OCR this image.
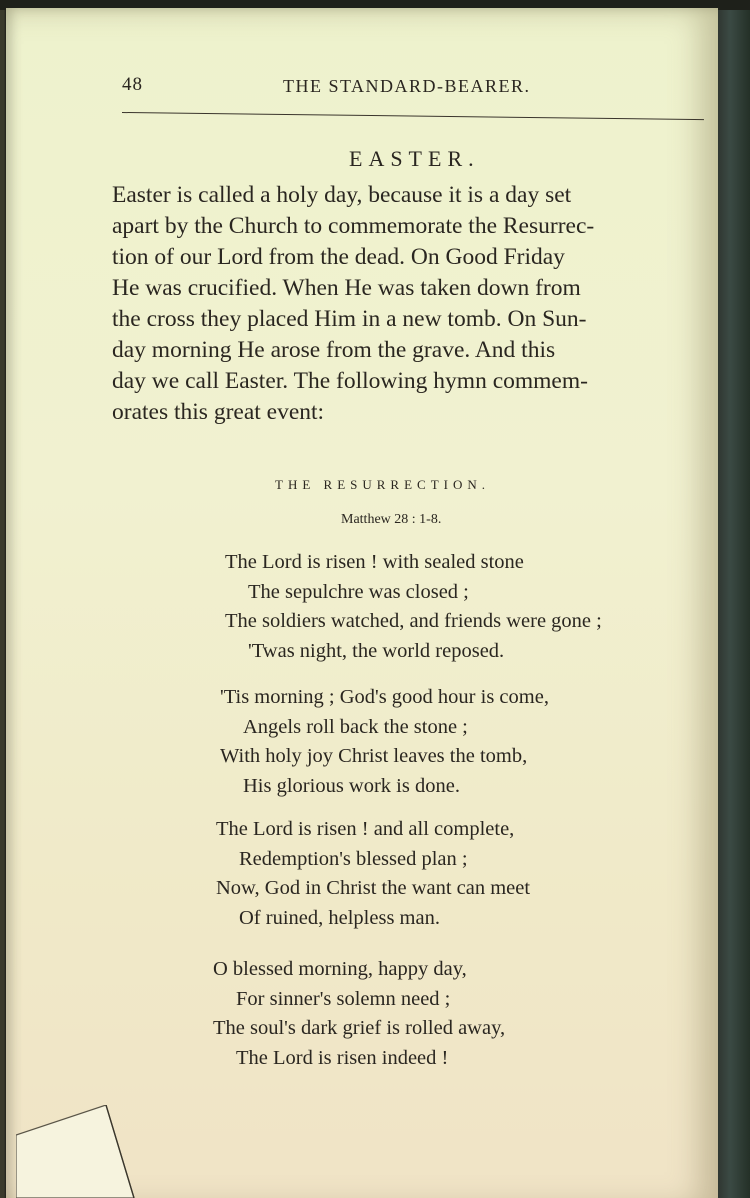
48	THE STANDARD-BEARER.
EASTER.
Easter is called a holy day, because it is a day set
apart by the Church to commemorate the Resurrec-
tion of our Lord from the dead. On Good Friday
He was crucified. When He was taken down from
the cross they placed Him in a new tomb. On Sun-
day morning He arose from the grave. And this
day we call Easter. The following hymn commem-
orates this great event:
THE RESURRECTION.
Matthew 28 : 1-8.
The Lord is risen ! with sealed stone
The sepulchre was closed ;
The soldiers watched, and friends were gone ;
'Twas night, the world reposed.
'Tis morning ; God's good hour is come,
Angels roll back the stone ;
With holy joy Christ leaves the tomb,
His glorious work is done.
The Lord is risen ! and all complete,
Redemption's blessed plan ;
Now, God in Christ the want can meet
Of ruined, helpless man.
O blessed morning, happy day,
For sinner's solemn need ;
The soul's dark grief is rolled away,
The Lord is risen indeed !
